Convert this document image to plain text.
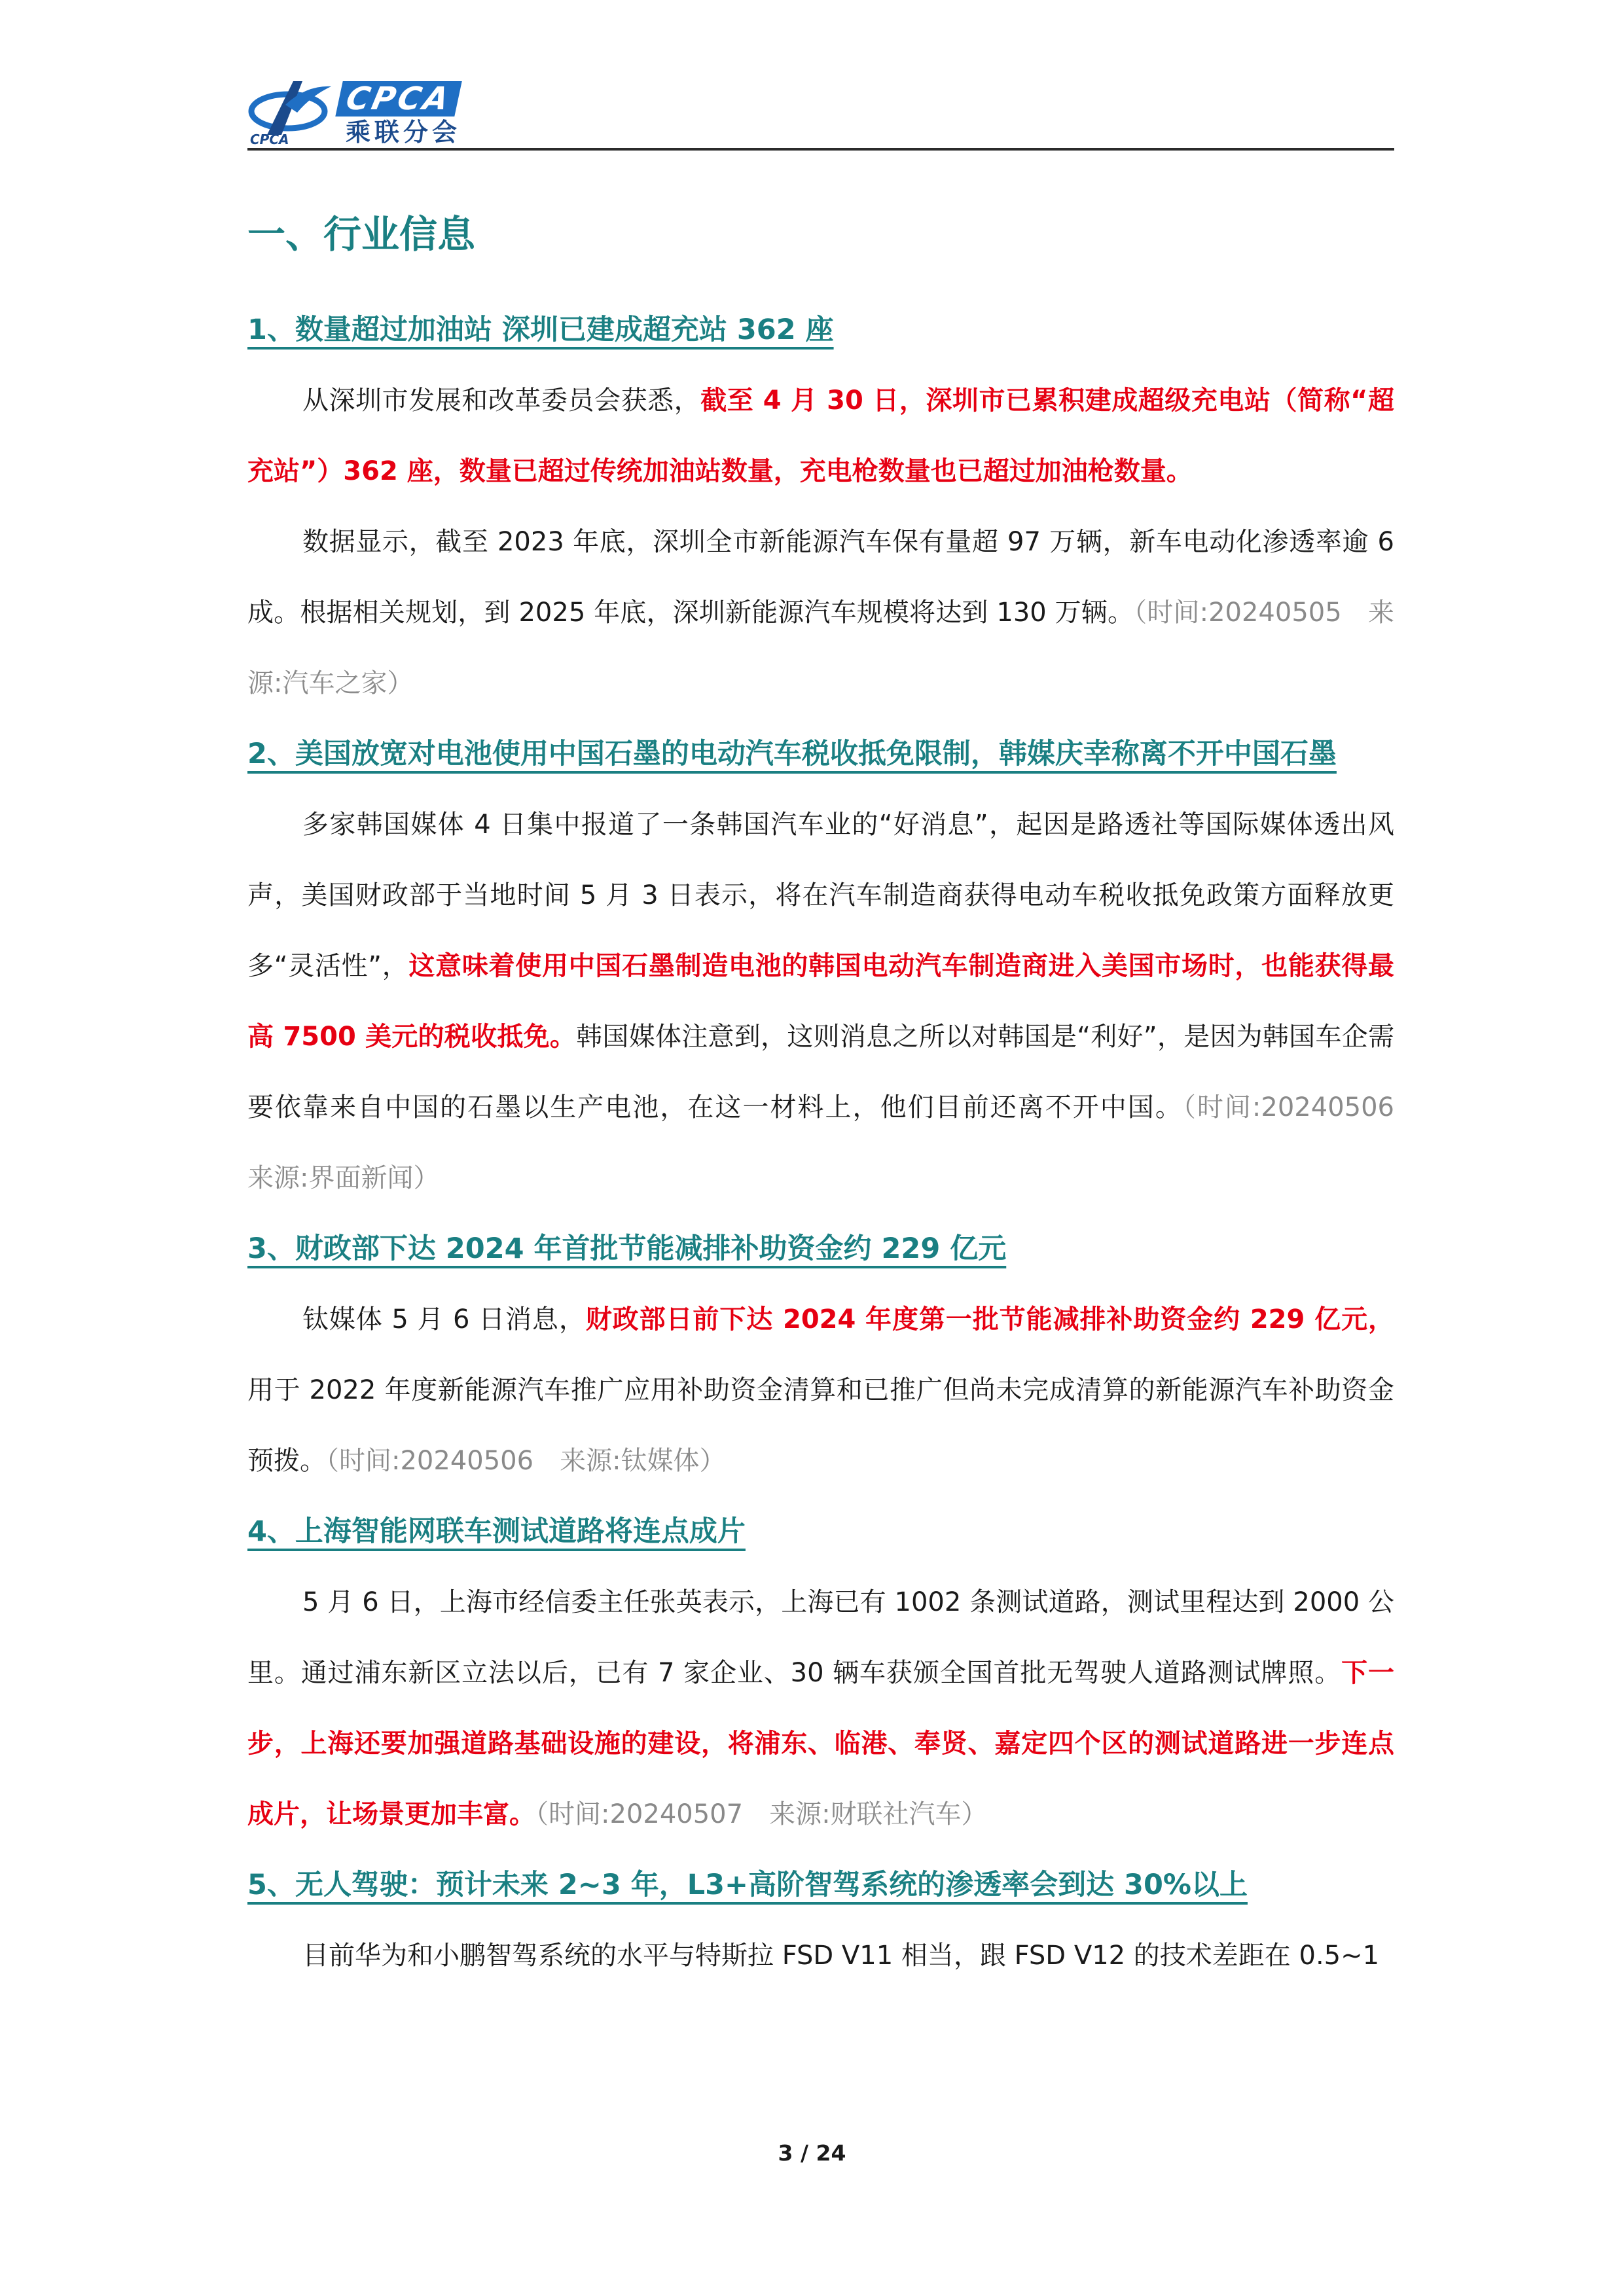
CPCA
CPCA
乘联分会
一、行业信息
1、数量超过加油站 深圳已建成超充站 362 座

从深圳市发展和改革委员会获悉，截至 4 月 30 日，深圳市已累积建成超级充电站（简称“超充站”）362 座，数量已超过传统加油站数量，充电枪数量也已超过加油枪数量。

数据显示，截至 2023 年底，深圳全市新能源汽车保有量超 97 万辆，新车电动化渗透率逾 6 成。根据相关规划，到 2025 年底，深圳新能源汽车规模将达到 130 万辆。（时间:20240505　来源:汽车之家）

2、美国放宽对电池使用中国石墨的电动汽车税收抵免限制，韩媒庆幸称离不开中国石墨

多家韩国媒体 4 日集中报道了一条韩国汽车业的“好消息”，起因是路透社等国际媒体透出风声，美国财政部于当地时间 5 月 3 日表示，将在汽车制造商获得电动车税收抵免政策方面释放更多“灵活性”，这意味着使用中国石墨制造电池的韩国电动汽车制造商进入美国市场时，也能获得最高 7500 美元的税收抵免。韩国媒体注意到，这则消息之所以对韩国是“利好”，是因为韩国车企需要依靠来自中国的石墨以生产电池，在这一材料上，他们目前还离不开中国。（时间:20240506　来源:界面新闻）

3、财政部下达 2024 年首批节能减排补助资金约 229 亿元

钛媒体 5 月 6 日消息，财政部日前下达 2024 年度第一批节能减排补助资金约 229 亿元，用于 2022 年度新能源汽车推广应用补助资金清算和已推广但尚未完成清算的新能源汽车补助资金预拨。（时间:20240506　来源:钛媒体）

4、上海智能网联车测试道路将连点成片

5 月 6 日，上海市经信委主任张英表示，上海已有 1002 条测试道路，测试里程达到 2000 公里。通过浦东新区立法以后，已有 7 家企业、30 辆车获颁全国首批无驾驶人道路测试牌照。下一步，上海还要加强道路基础设施的建设，将浦东、临港、奉贤、嘉定四个区的测试道路进一步连点成片，让场景更加丰富。（时间:20240507　来源:财联社汽车）

5、无人驾驶：预计未来 2~3 年，L3+高阶智驾系统的渗透率会到达 30%以上

目前华为和小鹏智驾系统的水平与特斯拉 FSD V11 相当，跟 FSD V12 的技术差距在 0.5~1

3 / 24
